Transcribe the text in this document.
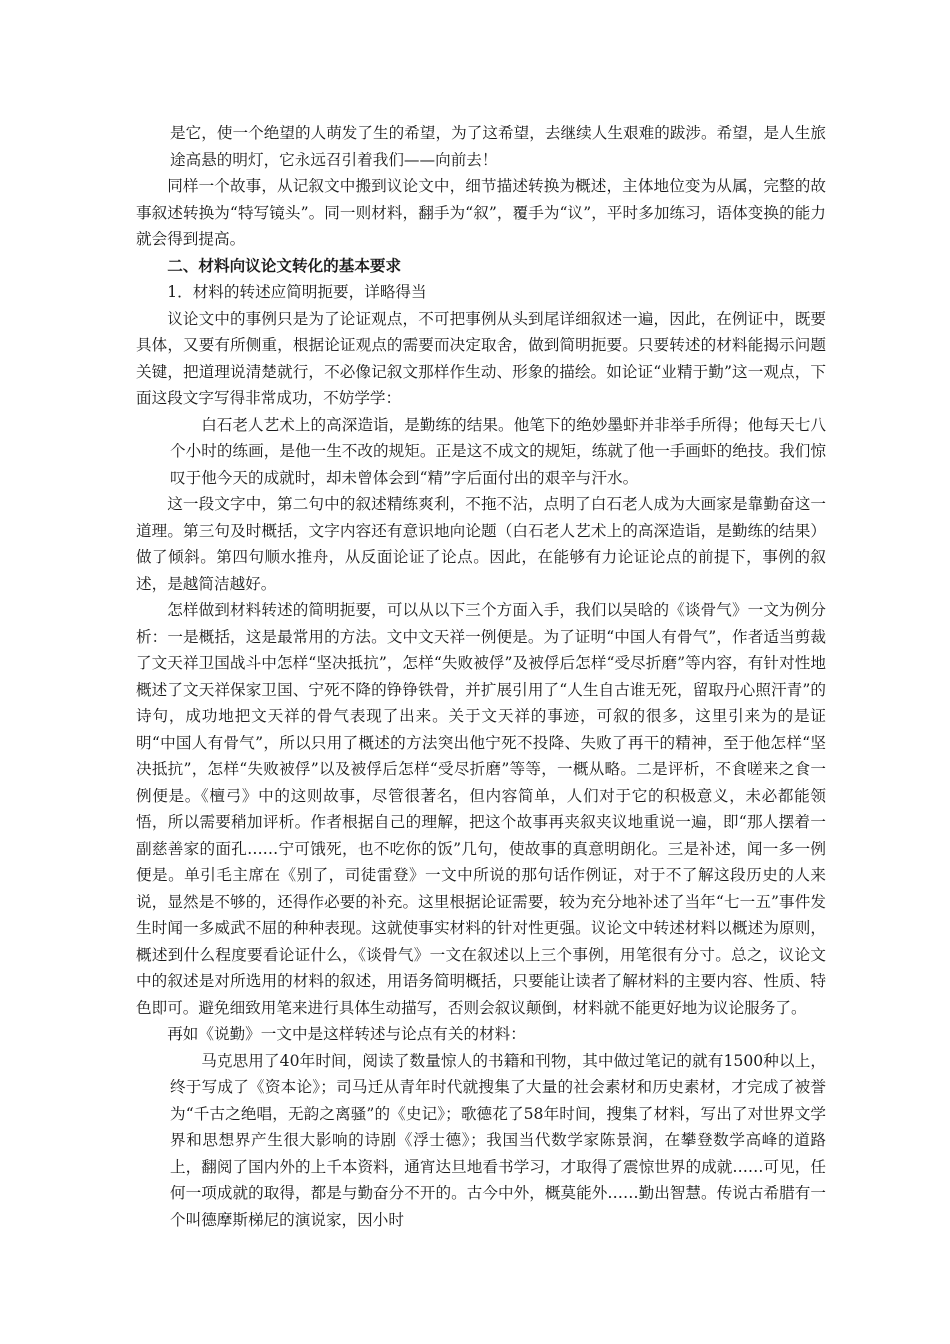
是它，使一个绝望的人萌发了生的希望，为了这希望，去继续人生艰难的跋涉。希望，是人生旅途高悬的明灯，它永远召引着我们——向前去！

同样一个故事，从记叙文中搬到议论文中，细节描述转换为概述，主体地位变为从属，完整的故事叙述转换为“特写镜头”。同一则材料，翻手为“叙”，覆手为“议”，平时多加练习，语体变换的能力就会得到提高。

二、材料向议论文转化的基本要求

1．材料的转述应简明扼要，详略得当

议论文中的事例只是为了论证观点，不可把事例从头到尾详细叙述一遍，因此，在例证中，既要具体，又要有所侧重，根据论证观点的需要而决定取舍，做到简明扼要。只要转述的材料能揭示问题关键，把道理说清楚就行，不必像记叙文那样作生动、形象的描绘。如论证“业精于勤”这一观点，下面这段文字写得非常成功，不妨学学：

白石老人艺术上的高深造诣，是勤练的结果。他笔下的绝妙墨虾并非举手所得；他每天七八个小时的练画，是他一生不改的规矩。正是这不成文的规矩，练就了他一手画虾的绝技。我们惊叹于他今天的成就时，却未曾体会到“精”字后面付出的艰辛与汗水。

这一段文字中，第二句中的叙述精练爽利，不拖不沾，点明了白石老人成为大画家是靠勤奋这一道理。第三句及时概括，文字内容还有意识地向论题（白石老人艺术上的高深造诣，是勤练的结果）做了倾斜。第四句顺水推舟，从反面论证了论点。因此，在能够有力论证论点的前提下，事例的叙述，是越简洁越好。

怎样做到材料转述的简明扼要，可以从以下三个方面入手，我们以吴晗的《谈骨气》一文为例分析：一是概括，这是最常用的方法。文中文天祥一例便是。为了证明“中国人有骨气”，作者适当剪裁了文天祥卫国战斗中怎样“坚决抵抗”，怎样“失败被俘”及被俘后怎样“受尽折磨”等内容，有针对性地概述了文天祥保家卫国、宁死不降的铮铮铁骨，并扩展引用了“人生自古谁无死，留取丹心照汗青”的诗句，成功地把文天祥的骨气表现了出来。关于文天祥的事迹，可叙的很多，这里引来为的是证明“中国人有骨气”，所以只用了概述的方法突出他宁死不投降、失败了再干的精神，至于他怎样“坚决抵抗”，怎样“失败被俘”以及被俘后怎样“受尽折磨”等等，一概从略。二是评析，不食嗟来之食一例便是。《檀弓》中的这则故事，尽管很著名，但内容简单，人们对于它的积极意义，未必都能领悟，所以需要稍加评析。作者根据自己的理解，把这个故事再夹叙夹议地重说一遍，即“那人摆着一副慈善家的面孔……宁可饿死，也不吃你的饭”几句，使故事的真意明朗化。三是补述，闻一多一例便是。单引毛主席在《别了，司徒雷登》一文中所说的那句话作例证，对于不了解这段历史的人来说，显然是不够的，还得作必要的补充。这里根据论证需要，较为充分地补述了当年“七一五”事件发生时闻一多威武不屈的种种表现。这就使事实材料的针对性更强。议论文中转述材料以概述为原则，概述到什么程度要看论证什么，《谈骨气》一文在叙述以上三个事例，用笔很有分寸。总之，议论文中的叙述是对所选用的材料的叙述，用语务简明概括，只要能让读者了解材料的主要内容、性质、特色即可。避免细致用笔来进行具体生动描写，否则会叙议颠倒，材料就不能更好地为议论服务了。

再如《说勤》一文中是这样转述与论点有关的材料：

马克思用了40年时间，阅读了数量惊人的书籍和刊物，其中做过笔记的就有1500种以上，终于写成了《资本论》；司马迁从青年时代就搜集了大量的社会素材和历史素材，才完成了被誉为“千古之绝唱，无韵之离骚”的《史记》；歌德花了58年时间，搜集了材料，写出了对世界文学界和思想界产生很大影响的诗剧《浮士德》；我国当代数学家陈景润，在攀登数学高峰的道路上，翻阅了国内外的上千本资料，通宵达旦地看书学习，才取得了震惊世界的成就……可见，任何一项成就的取得，都是与勤奋分不开的。古今中外，概莫能外……勤出智慧。传说古希腊有一个叫德摩斯梯尼的演说家，因小时
